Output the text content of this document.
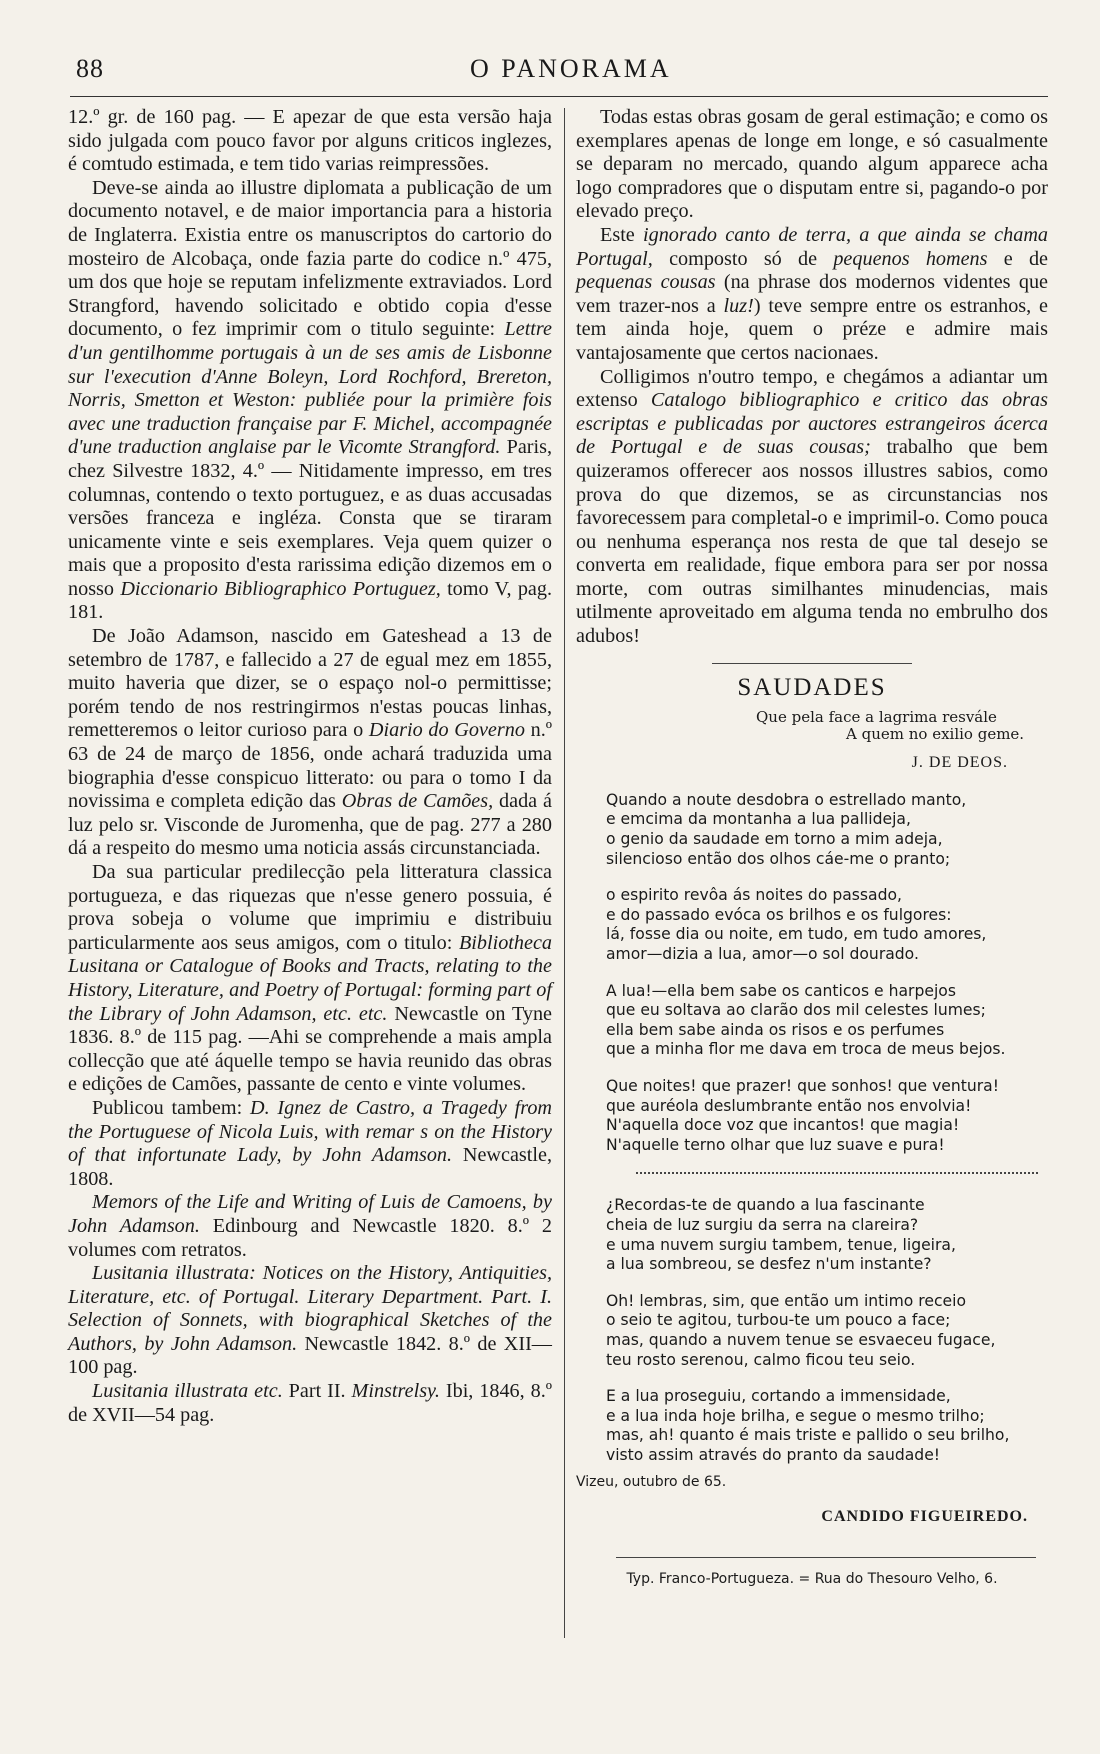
88	O PANORAMA

12.º gr. de 160 pag. — E apezar de que esta versão haja sido julgada com pouco favor por alguns criticos inglezes, é comtudo estimada, e tem tido varias reimpressões.

Deve-se ainda ao illustre diplomata a publicação de um documento notavel, e de maior importancia para a historia de Inglaterra. Existia entre os manuscriptos do cartorio do mosteiro de Alcobaça, onde fazia parte do codice n.º 475, um dos que hoje se reputam infelizmente extraviados. Lord Strangford, havendo solicitado e obtido copia d'esse documento, o fez imprimir com o titulo seguinte: Lettre d'un gentilhomme portugais à un de ses amis de Lisbonne sur l'execution d'Anne Boleyn, Lord Rochford, Brereton, Norris, Smetton et Weston: publiée pour la primière fois avec une traduction française par F. Michel, accompagnée d'une traduction anglaise par le Vicomte Strangford. Paris, chez Silvestre 1832, 4.º — Nitidamente impresso, em tres columnas, contendo o texto portuguez, e as duas accusadas versões franceza e ingléza. Consta que se tiraram unicamente vinte e seis exemplares. Veja quem quizer o mais que a proposito d'esta rarissima edição dizemos em o nosso Diccionario Bibliographico Portuguez, tomo V, pag. 181.

De João Adamson, nascido em Gateshead a 13 de setembro de 1787, e fallecido a 27 de egual mez em 1855, muito haveria que dizer, se o espaço nol-o permittisse; porém tendo de nos restringirmos n'estas poucas linhas, remetteremos o leitor curioso para o Diario do Governo n.º 63 de 24 de março de 1856, onde achará traduzida uma biographia d'esse conspicuo litterato: ou para o tomo I da novissima e completa edição das Obras de Camões, dada á luz pelo sr. Visconde de Juromenha, que de pag. 277 a 280 dá a respeito do mesmo uma noticia assás circunstanciada.

Da sua particular predilecção pela litteratura classica portugueza, e das riquezas que n'esse genero possuia, é prova sobeja o volume que imprimiu e distribuiu particularmente aos seus amigos, com o titulo: Bibliotheca Lusitana or Catalogue of Books and Tracts, relating to the History, Literature, and Poetry of Portugal: forming part of the Library of John Adamson, etc. etc. Newcastle on Tyne 1836. 8.º de 115 pag. —Ahi se comprehende a mais ampla collecção que até áquelle tempo se havia reunido das obras e edições de Camões, passante de cento e vinte volumes.

Publicou tambem: D. Ignez de Castro, a Tragedy from the Portuguese of Nicola Luis, with remar s on the History of that infortunate Lady, by John Adamson. Newcastle, 1808.

Memors of the Life and Writing of Luis de Camoens, by John Adamson. Edinbourg and Newcastle 1820. 8.º 2 volumes com retratos.

Lusitania illustrata: Notices on the History, Antiquities, Literature, etc. of Portugal. Literary Department. Part. I. Selection of Sonnets, with biographical Sketches of the Authors, by John Adamson. Newcastle 1842. 8.º de XII—100 pag.

Lusitania illustrata etc. Part II. Minstrelsy. Ibi, 1846, 8.º de XVII—54 pag.

Todas estas obras gosam de geral estimação; e como os exemplares apenas de longe em longe, e só casualmente se deparam no mercado, quando algum apparece acha logo compradores que o disputam entre si, pagando-o por elevado preço.

Este ignorado canto de terra, a que ainda se chama Portugal, composto só de pequenos homens e de pequenas cousas (na phrase dos modernos videntes que vem trazer-nos a luz!) teve sempre entre os estranhos, e tem ainda hoje, quem o préze e admire mais vantajosamente que certos nacionaes.

Colligimos n'outro tempo, e chegámos a adiantar um extenso Catalogo bibliographico e critico das obras escriptas e publicadas por auctores estrangeiros ácerca de Portugal e de suas cousas; trabalho que bem quizeramos offerecer aos nossos illustres sabios, como prova do que dizemos, se as circunstancias nos favorecessem para completal-o e imprimil-o. Como pouca ou nenhuma esperança nos resta de que tal desejo se converta em realidade, fique embora para ser por nossa morte, com outras similhantes minudencias, mais utilmente aproveitado em alguma tenda no embrulho dos adubos!

SAUDADES
Que pela face a lagrima resvále
A quem no exilio geme.
J. DE DEOS.
Quando a noute desdobra o estrellado manto,
e emcima da montanha a lua pallideja,
o genio da saudade em torno a mim adeja,
silencioso então dos olhos cáe-me o pranto;
o espirito revôa ás noites do passado,
e do passado evóca os brilhos e os fulgores:
lá, fosse dia ou noite, em tudo, em tudo amores,
amor—dizia a lua, amor—o sol dourado.
A lua!—ella bem sabe os canticos e harpejos
que eu soltava ao clarão dos mil celestes lumes;
ella bem sabe ainda os risos e os perfumes
que a minha flor me dava em troca de meus bejos.
Que noites! que prazer! que sonhos! que ventura!
que auréola deslumbrante então nos envolvia!
N'aquella doce voz que incantos! que magia!
N'aquelle terno olhar que luz suave e pura!
¿Recordas-te de quando a lua fascinante
cheia de luz surgiu da serra na clareira?
e uma nuvem surgiu tambem, tenue, ligeira,
a lua sombreou, se desfez n'um instante?
Oh! lembras, sim, que então um intimo receio
o seio te agitou, turbou-te um pouco a face;
mas, quando a nuvem tenue se esvaeceu fugace,
teu rosto serenou, calmo ficou teu seio.
E a lua proseguiu, cortando a immensidade,
e a lua inda hoje brilha, e segue o mesmo trilho;
mas, ah! quanto é mais triste e pallido o seu brilho,
visto assim através do pranto da saudade!
Vizeu, outubro de 65.
CANDIDO FIGUEIREDO.
Typ. Franco-Portugueza. = Rua do Thesouro Velho, 6.
